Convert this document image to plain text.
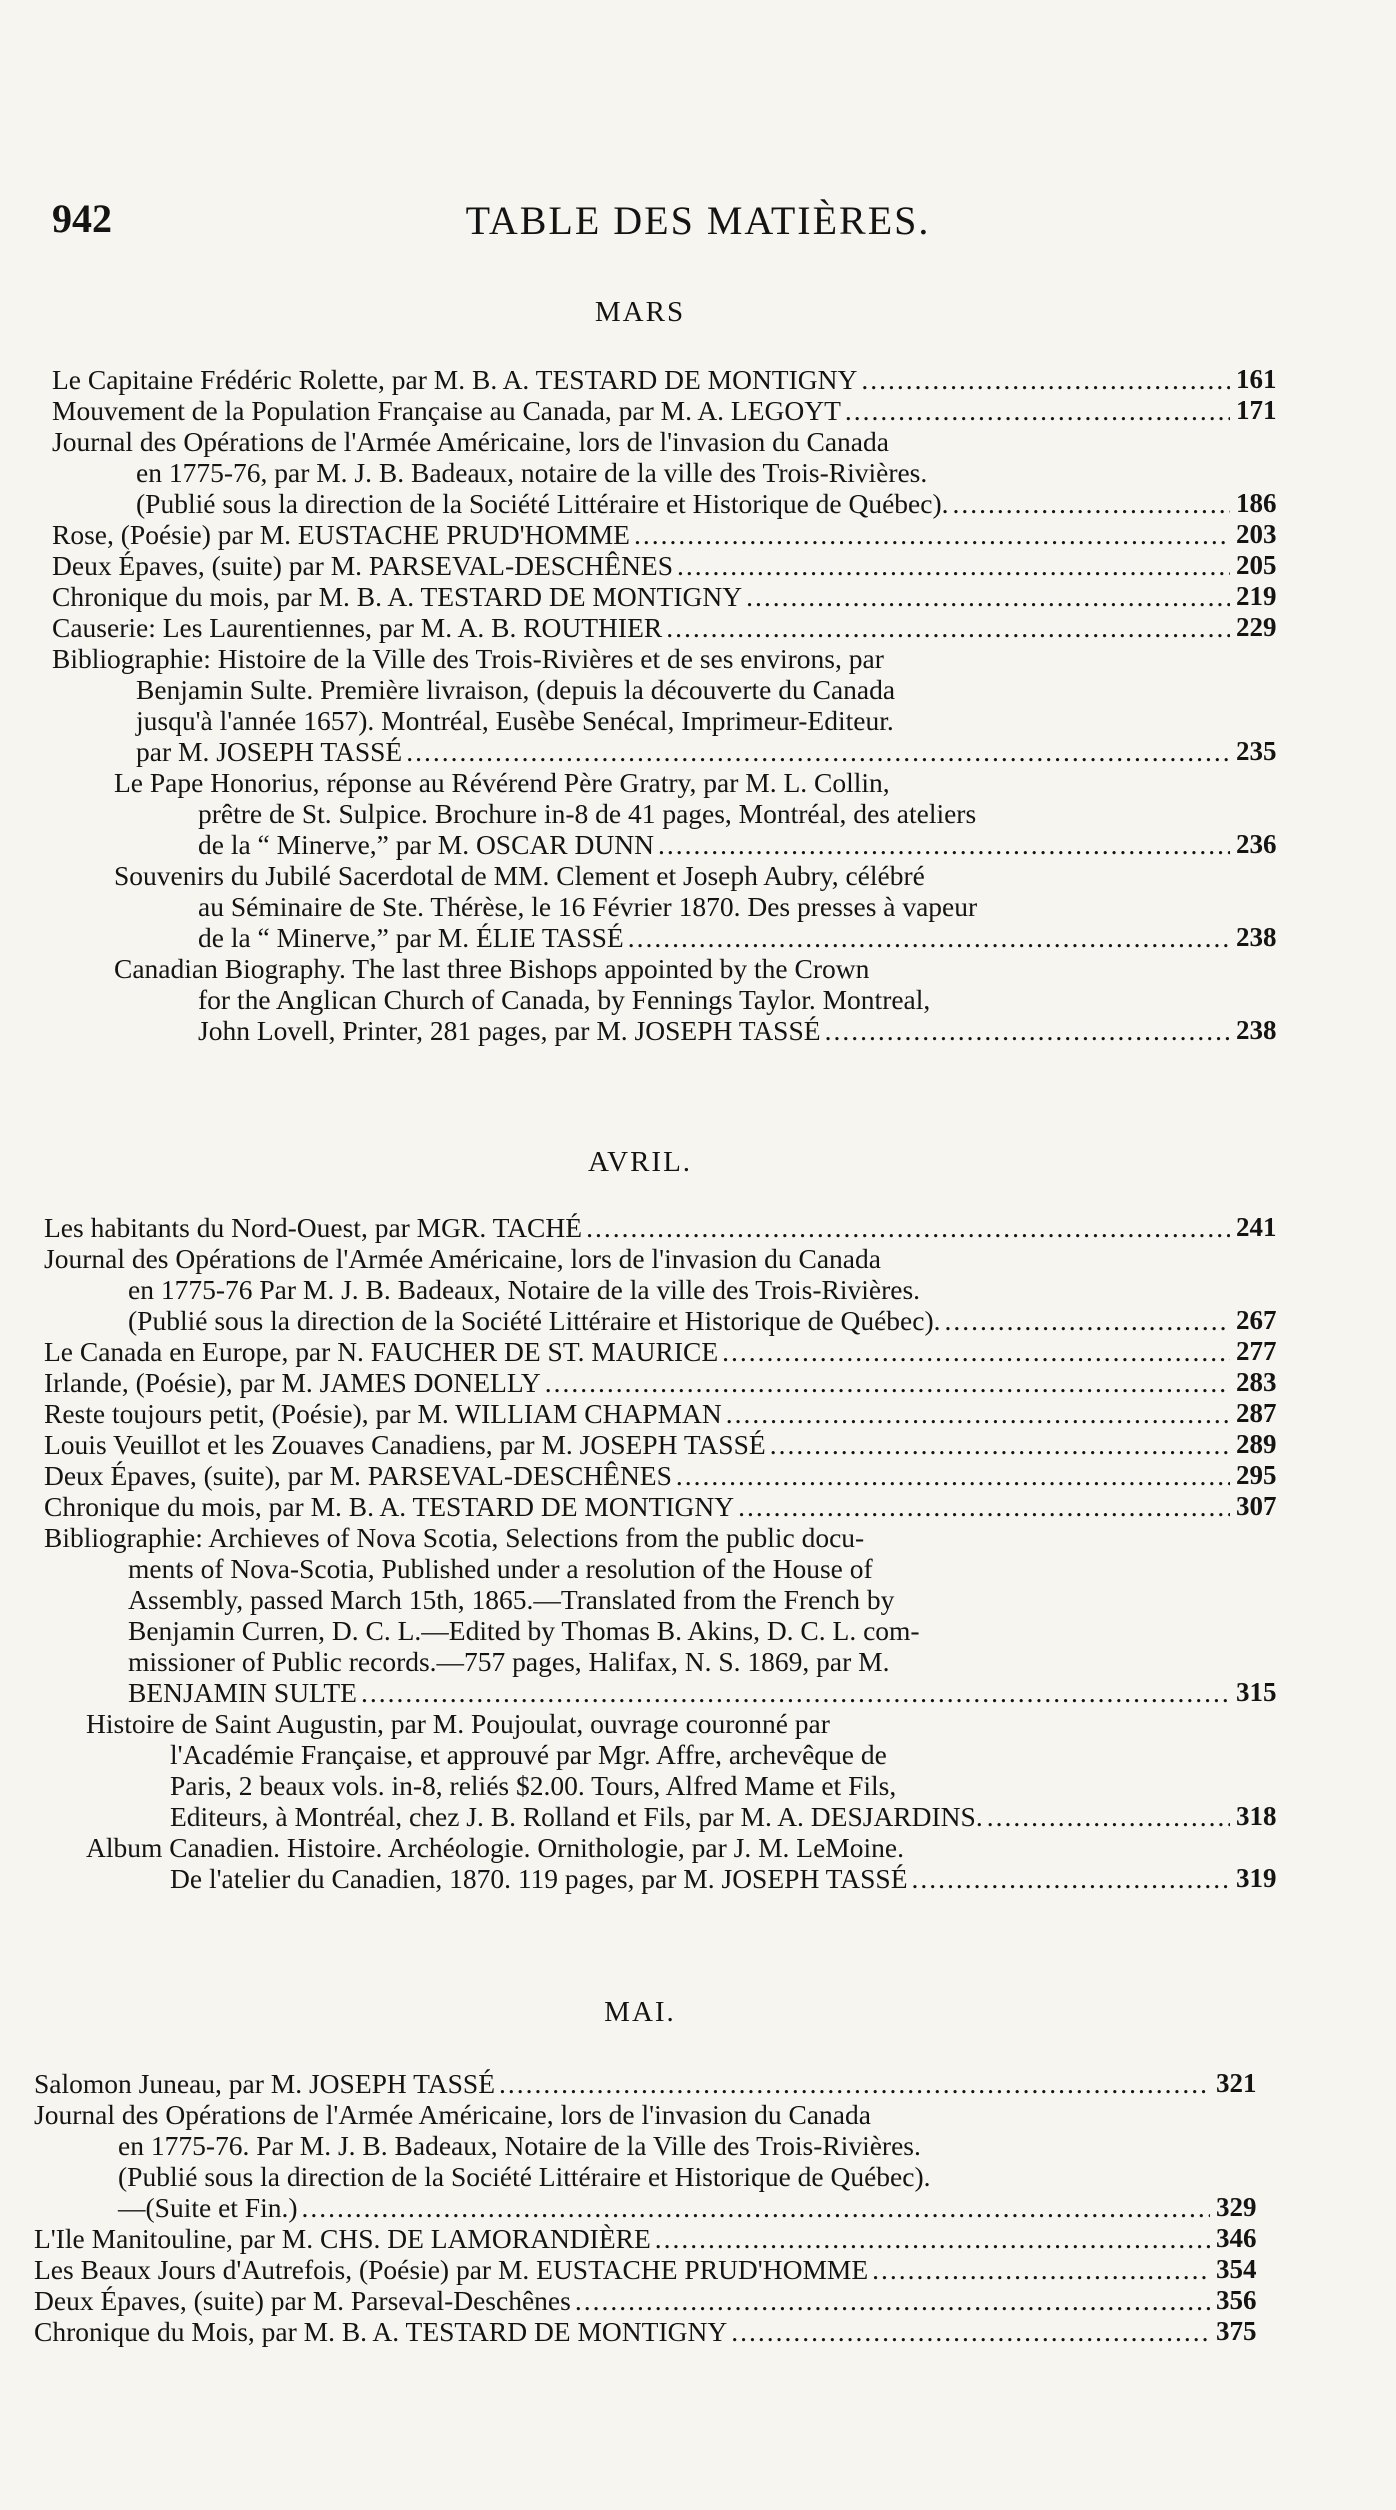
942	TABLE DES MATIÈRES.
MARS
Le Capitaine Frédéric Rolette, par M. B. A. TESTARD DE MONTIGNY .....	161
Mouvement de la Population Française au Canada, par M. A. LEGOYT .....	171
Journal des Opérations de l'Armée Américaine, lors de l'invasion du Canada
en 1775-76, par M. J. B. Badeaux, notaire de la ville des Trois-Rivières.
(Publié sous la direction de la Société Littéraire et Historique de Québec). .....	186
Rose, (Poésie) par M. EUSTACHE PRUD'HOMME .....	203
Deux Épaves, (suite) par M. PARSEVAL-DESCHÊNES .....	205
Chronique du mois, par M. B. A. TESTARD DE MONTIGNY .....	219
Causerie: Les Laurentiennes, par M. A. B. ROUTHIER .....	229
Bibliographie: Histoire de la Ville des Trois-Rivières et de ses environs, par
Benjamin Sulte. Première livraison, (depuis la découverte du Canada
jusqu'à l'année 1657). Montréal, Eusèbe Senécal, Imprimeur-Editeur.
par M. JOSEPH TASSÉ .....	235
Le Pape Honorius, réponse au Révérend Père Gratry, par M. L. Collin,
prêtre de St. Sulpice. Brochure in-8 de 41 pages, Montréal, des ateliers
de la “ Minerve,” par M. OSCAR DUNN .....	236
Souvenirs du Jubilé Sacerdotal de MM. Clement et Joseph Aubry, célébré
au Séminaire de Ste. Thérèse, le 16 Février 1870. Des presses à vapeur
de la “ Minerve,” par M. ÉLIE TASSÉ .....	238
Canadian Biography. The last three Bishops appointed by the Crown
for the Anglican Church of Canada, by Fennings Taylor. Montreal,
John Lovell, Printer, 281 pages, par M. JOSEPH TASSÉ .....	238
AVRIL.
Les habitants du Nord-Ouest, par MGR. TACHÉ .....	241
Journal des Opérations de l'Armée Américaine, lors de l'invasion du Canada
en 1775-76 Par M. J. B. Badeaux, Notaire de la ville des Trois-Rivières.
(Publié sous la direction de la Société Littéraire et Historique de Québec). .....	267
Le Canada en Europe, par N. FAUCHER DE ST. MAURICE .....	277
Irlande, (Poésie), par M. JAMES DONELLY .....	283
Reste toujours petit, (Poésie), par M. WILLIAM CHAPMAN .....	287
Louis Veuillot et les Zouaves Canadiens, par M. JOSEPH TASSÉ .....	289
Deux Épaves, (suite), par M. PARSEVAL-DESCHÊNES .....	295
Chronique du mois, par M. B. A. TESTARD DE MONTIGNY .....	307
Bibliographie: Archieves of Nova Scotia, Selections from the public docu-
ments of Nova-Scotia, Published under a resolution of the House of
Assembly, passed March 15th, 1865.—Translated from the French by
Benjamin Curren, D. C. L.—Edited by Thomas B. Akins, D. C. L. com-
missioner of Public records.—757 pages, Halifax, N. S. 1869, par M.
BENJAMIN SULTE .....	315
Histoire de Saint Augustin, par M. Poujoulat, ouvrage couronné par
l'Académie Française, et approuvé par Mgr. Affre, archevêque de
Paris, 2 beaux vols. in-8, reliés $2.00. Tours, Alfred Mame et Fils,
Editeurs, à Montréal, chez J. B. Rolland et Fils, par M. A. DESJARDINS. .....	318
Album Canadien. Histoire. Archéologie. Ornithologie, par J. M. LeMoine.
De l'atelier du Canadien, 1870. 119 pages, par M. JOSEPH TASSÉ .....	319
MAI.
Salomon Juneau, par M. JOSEPH TASSÉ .....	321
Journal des Opérations de l'Armée Américaine, lors de l'invasion du Canada
en 1775-76. Par M. J. B. Badeaux, Notaire de la Ville des Trois-Rivières.
(Publié sous la direction de la Société Littéraire et Historique de Québec).
—(Suite et Fin.) .....	329
L'Ile Manitouline, par M. CHS. DE LAMORANDIÈRE .....	346
Les Beaux Jours d'Autrefois, (Poésie) par M. EUSTACHE PRUD'HOMME .....	354
Deux Épaves, (suite) par M. Parseval-Deschênes .....	356
Chronique du Mois, par M. B. A. TESTARD DE MONTIGNY .....	375
